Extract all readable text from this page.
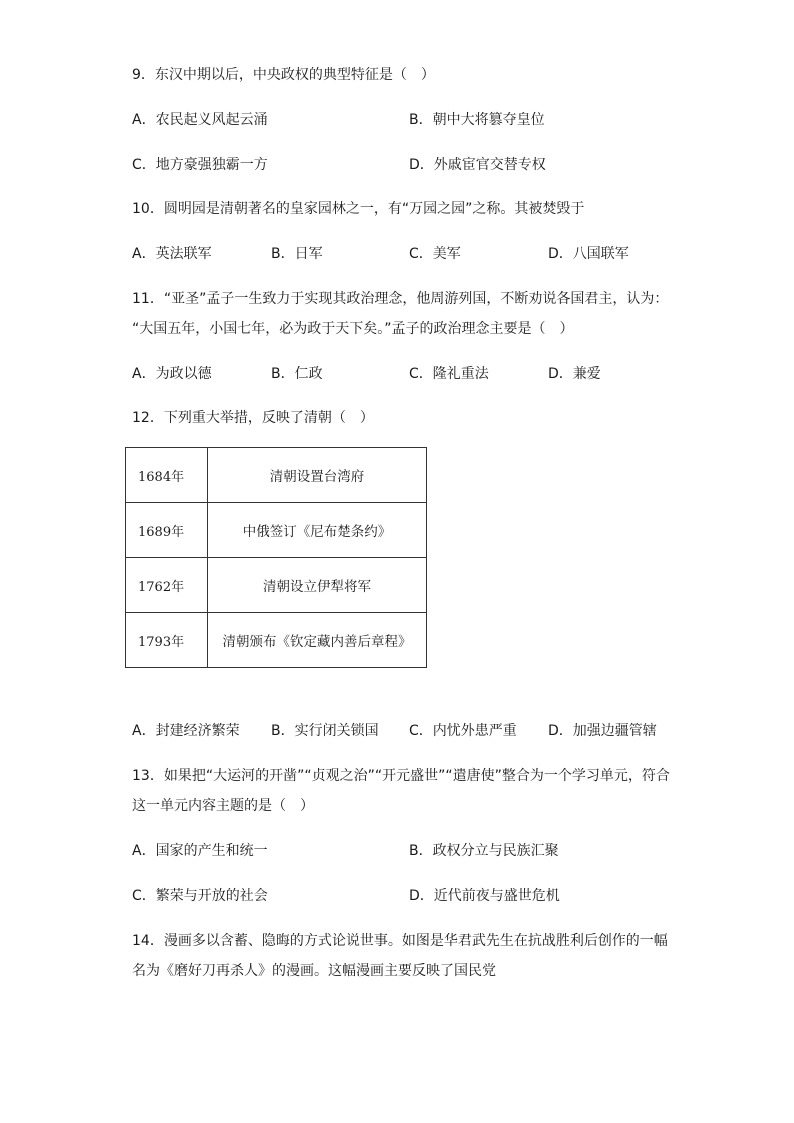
9．东汉中期以后，中央政权的典型特征是（　）
A．农民起义风起云涌	B．朝中大将篡夺皇位
C．地方豪强独霸一方	D．外戚宦官交替专权
10．圆明园是清朝著名的皇家园林之一，有“万园之园”之称。其被焚毁于
A．英法联军	B．日军	C．美军	D．八国联军
11．“亚圣”孟子一生致力于实现其政治理念，他周游列国，不断劝说各国君主，认为：
“大国五年，小国七年，必为政于天下矣。”孟子的政治理念主要是（　）
A．为政以德	B．仁政	C．隆礼重法	D．兼爱
12．下列重大举措，反映了清朝（　）
1684年	清朝设置台湾府
1689年	中俄签订《尼布楚条约》
1762年	清朝设立伊犁将军
1793年	清朝颁布《钦定藏内善后章程》
A．封建经济繁荣 B．实行闭关锁国 C．内忧外患严重 D．加强边疆管辖
13．如果把“大运河的开凿”“贞观之治”“开元盛世”“遣唐使”整合为一个学习单元，符合
这一单元内容主题的是（　）
A．国家的产生和统一	B．政权分立与民族汇聚
C．繁荣与开放的社会	D．近代前夜与盛世危机
14．漫画多以含蓄、隐晦的方式论说世事。如图是华君武先生在抗战胜利后创作的一幅
名为《磨好刀再杀人》的漫画。这幅漫画主要反映了国民党
